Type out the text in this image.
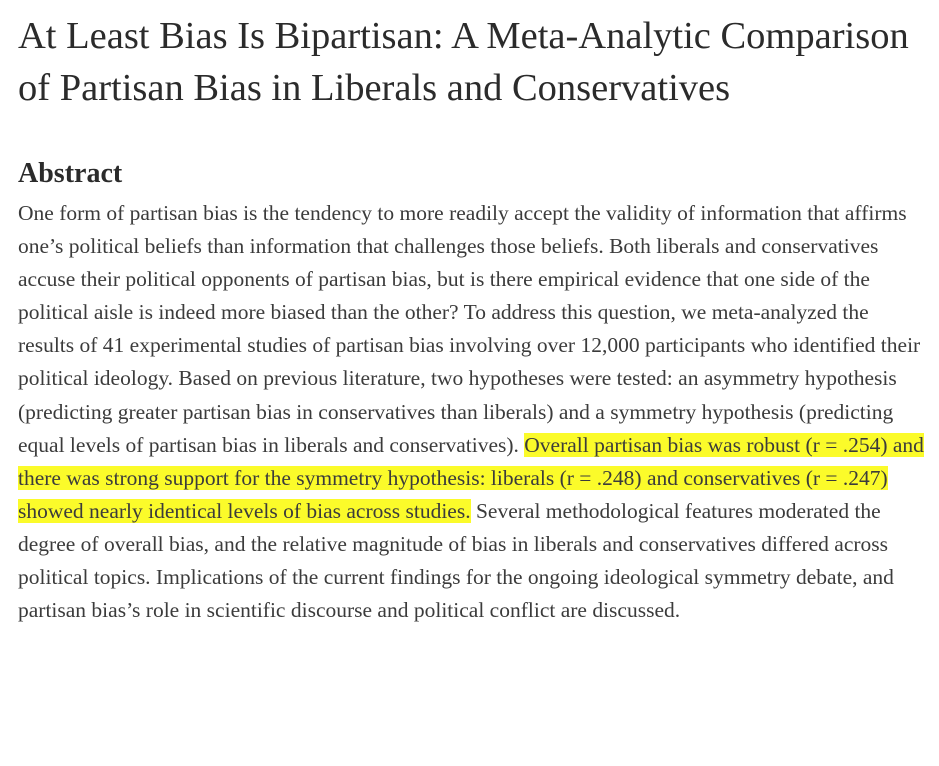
At Least Bias Is Bipartisan: A Meta-Analytic Comparison of Partisan Bias in Liberals and Conservatives
Abstract

One form of partisan bias is the tendency to more readily accept the validity of information that affirms one’s political beliefs than information that challenges those beliefs. Both liberals and conservatives accuse their political opponents of partisan bias, but is there empirical evidence that one side of the political aisle is indeed more biased than the other? To address this question, we meta-analyzed the results of 41 experimental studies of partisan bias involving over 12,000 participants who identified their political ideology. Based on previous literature, two hypotheses were tested: an asymmetry hypothesis (predicting greater partisan bias in conservatives than liberals) and a symmetry hypothesis (predicting equal levels of partisan bias in liberals and conservatives). Overall partisan bias was robust (r = .254) and there was strong support for the symmetry hypothesis: liberals (r = .248) and conservatives (r = .247) showed nearly identical levels of bias across studies. Several methodological features moderated the degree of overall bias, and the relative magnitude of bias in liberals and conservatives differed across political topics. Implications of the current findings for the ongoing ideological symmetry debate, and partisan bias’s role in scientific discourse and political conflict are discussed.
